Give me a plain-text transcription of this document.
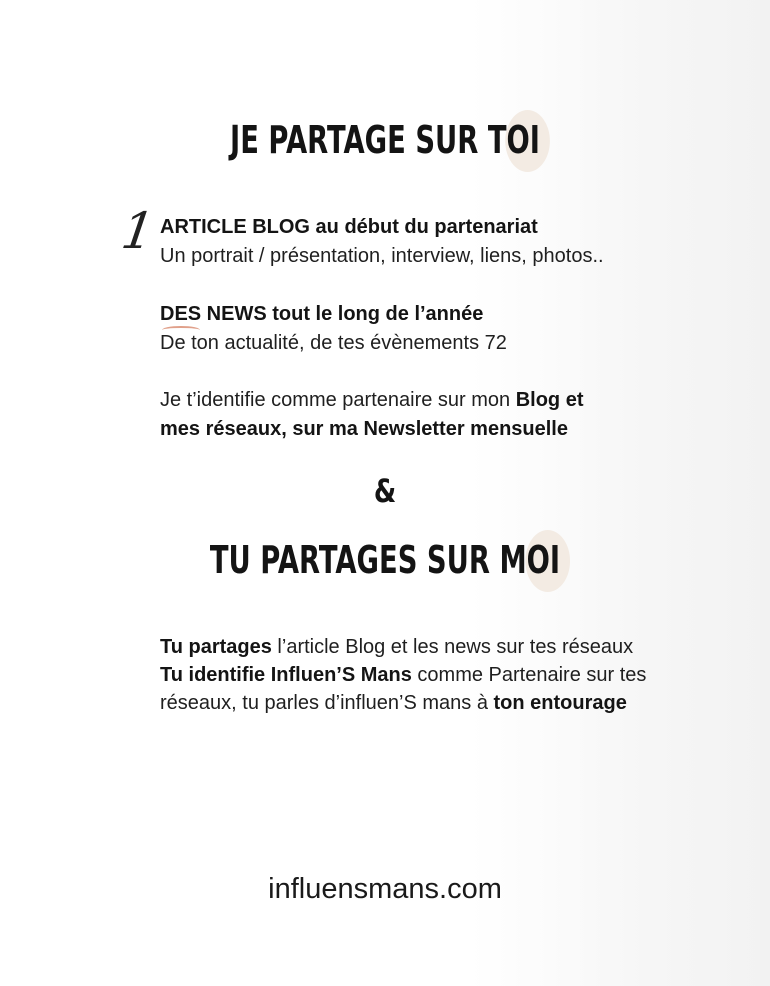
JE PARTAGE SUR TOI
1 ARTICLE BLOG au début du partenariat
Un portrait / présentation, interview, liens, photos..
DES NEWS tout le long de l’année
De ton actualité, de tes évènements 72
Je t’identifie comme partenaire sur mon Blog et
mes réseaux, sur ma Newsletter mensuelle
&
TU PARTAGES SUR MOI
Tu partages l’article Blog et les news sur tes réseaux
Tu identifie Influen’S Mans comme Partenaire sur tes
réseaux, tu parles d’influen’S mans à ton entourage
influensmans.com
